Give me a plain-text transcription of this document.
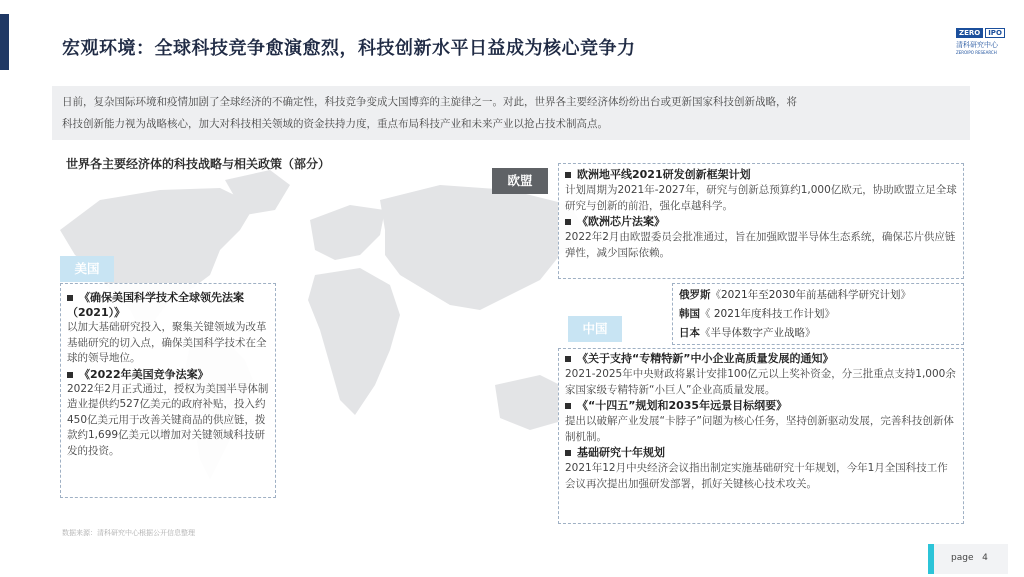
宏观环境：全球科技竞争愈演愈烈，科技创新水平日益成为核心竞争力
ZERO	IPO
清科研究中心
ZEROIPO RESEARCH
日前，复杂国际环境和疫情加剧了全球经济的不确定性，科技竞争变成大国博弈的主旋律之一。对此，世界各主要经济体纷纷出台或更新国家科技创新战略，将
科技创新能力视为战略核心，加大对科技相关领域的资金扶持力度，重点布局科技产业和未来产业以抢占技术制高点。
世界各主要经济体的科技战略与相关政策（部分）
美国
欧盟
中国
《确保美国科学技术全球领先法案（2021）》
以加大基础研究投入，聚集关键领域为改革基础研究的切入点，确保美国科学技术在全球的领导地位。
《2022年美国竞争法案》
2022年2月正式通过，授权为美国半导体制造业提供约527亿美元的政府补贴，投入约450亿美元用于改善关键商品的供应链，拨款约1,699亿美元以增加对关键领域科技研发的投资。
欧洲地平线2021研发创新框架计划
计划周期为2021年-2027年，研究与创新总预算约1,000亿欧元，协助欧盟立足全球研究与创新的前沿，强化卓越科学。
《欧洲芯片法案》
2022年2月由欧盟委员会批准通过，旨在加强欧盟半导体生态系统，确保芯片供应链弹性，减少国际依赖。
俄罗斯《2021年至2030年前基础科学研究计划》
韩国《 2021年度科技工作计划》
日本《半导体数字产业战略》
《关于支持“专精特新”中小企业高质量发展的通知》
2021-2025年中央财政将累计安排100亿元以上奖补资金，分三批重点支持1,000余家国家级专精特新“小巨人”企业高质量发展。
《“十四五”规划和2035年远景目标纲要》
提出以破解产业发展“卡脖子”问题为核心任务，坚持创新驱动发展，完善科技创新体制机制。
基础研究十年规划
2021年12月中央经济会议指出制定实施基础研究十年规划，今年1月全国科技工作会议再次提出加强研发部署，抓好关键核心技术攻关。
数据来源：清科研究中心根据公开信息整理
page 4
